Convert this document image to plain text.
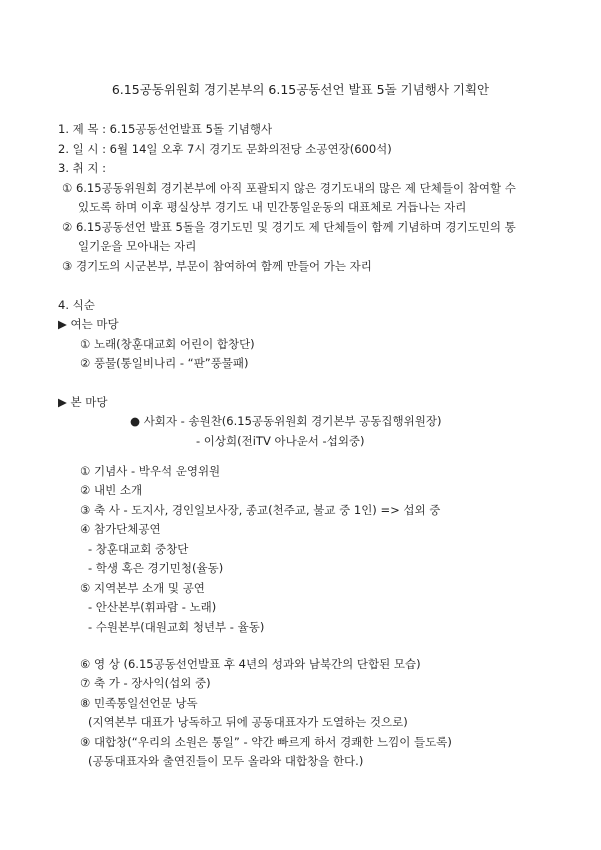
6.15공동위원회 경기본부의 6.15공동선언 발표 5돌 기념행사 기획안
1. 제 목 : 6.15공동선언발표 5돌 기념행사
2. 일 시 : 6월 14일 오후 7시 경기도 문화의전당 소공연장(600석)
3. 취 지 :
① 6.15공동위원회 경기본부에 아직 포괄되지 않은 경기도내의 많은 제 단체들이 참여할 수
있도록 하며 이후 평실상부 경기도 내 민간통일운동의 대표체로 거듭나는 자리
② 6.15공동선언 발표 5돌을 경기도민 및 경기도 제 단체들이 함께 기념하며 경기도민의 통
일기운을 모아내는 자리
③ 경기도의 시군본부, 부문이 참여하여 함께 만들어 가는 자리
4. 식순
▶ 여는 마당
① 노래(창훈대교회 어린이 합창단)
② 풍물(통일비나리 - “판”풍물패)
▶ 본 마당
● 사회자 - 송원찬(6.15공동위원회 경기본부 공동집행위원장)
- 이상희(전iTV 아나운서 -섭외중)
① 기념사 - 박우석 운영위원
② 내빈 소개
③ 축 사 - 도지사, 경인일보사장, 종교(천주교, 불교 중 1인) => 섭외 중
④ 참가단체공연
- 창훈대교회 중창단
- 학생 혹은 경기민청(율동)
⑤ 지역본부 소개 및 공연
- 안산본부(휘파람 - 노래)
- 수원본부(대원교회 청년부 - 율동)
⑥ 영 상 (6.15공동선언발표 후 4년의 성과와 남북간의 단합된 모습)
⑦ 축 가 - 장사익(섭외 중)
⑧ 민족통일선언문 낭독
(지역본부 대표가 낭독하고 뒤에 공동대표자가 도열하는 것으로)
⑨ 대합창(“우리의 소원은 통일” - 약간 빠르게 하서 경쾌한 느낌이 들도록)
(공동대표자와 출연진들이 모두 올라와 대합창을 한다.)
